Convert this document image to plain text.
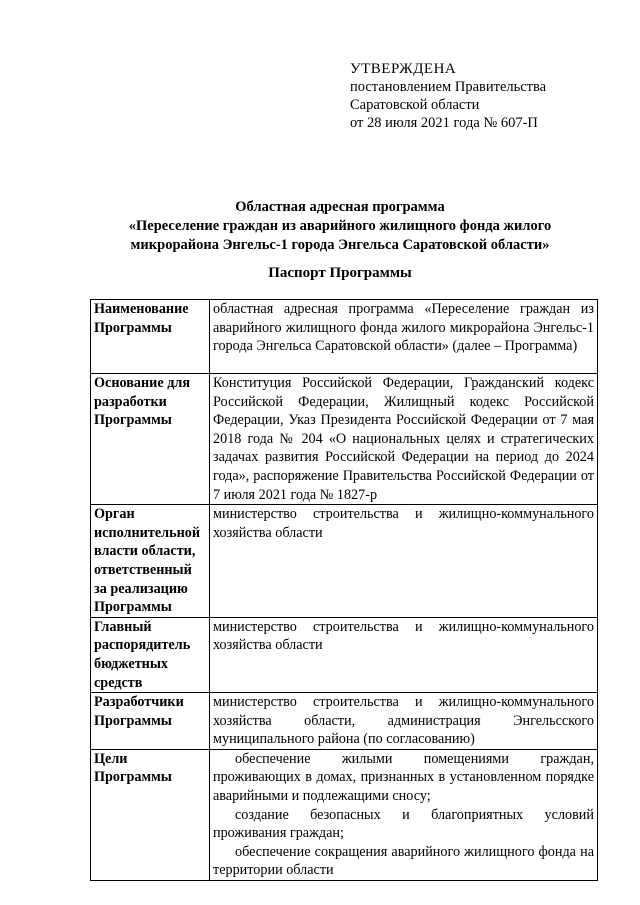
УТВЕРЖДЕНА
постановлением Правительства
Саратовской области
от 28 июля 2021 года № 607-П
Областная адресная программа
«Переселение граждан из аварийного жилищного фонда жилого
микрорайона Энгельс-1 города Энгельса Саратовской области»
Паспорт Программы
Наименование Программы	областная адресная программа «Переселение граждан из аварийного жилищного фонда жилого микрорайона Энгельс-1 города Энгельса Саратовской области» (далее – Программа)
Основание для разработки Программы	Конституция Российской Федерации, Гражданский кодекс Российской Федерации, Жилищный кодекс Российской Федерации, Указ Президента Российской Федерации от 7 мая 2018 года № 204 «О национальных целях и стратегических задачах развития Российской Федерации на период до 2024 года», распоряжение Правительства Российской Федерации от 7 июля 2021 года № 1827-р
Орган исполнительной власти области, ответственный за реализацию Программы	министерство строительства и жилищно-коммунального хозяйства области
Главный распорядитель бюджетных средств	министерство строительства и жилищно-коммунального хозяйства области
Разработчики Программы	министерство строительства и жилищно-коммунального хозяйства области, администрация Энгельсского муниципального района (по согласованию)
Цели Программы	обеспечение жилыми помещениями граждан, проживающих в домах, признанных в установленном порядке аварийными и подлежащими сносу;
создание безопасных и благоприятных условий проживания граждан;
обеспечение сокращения аварийного жилищного фонда на территории области
